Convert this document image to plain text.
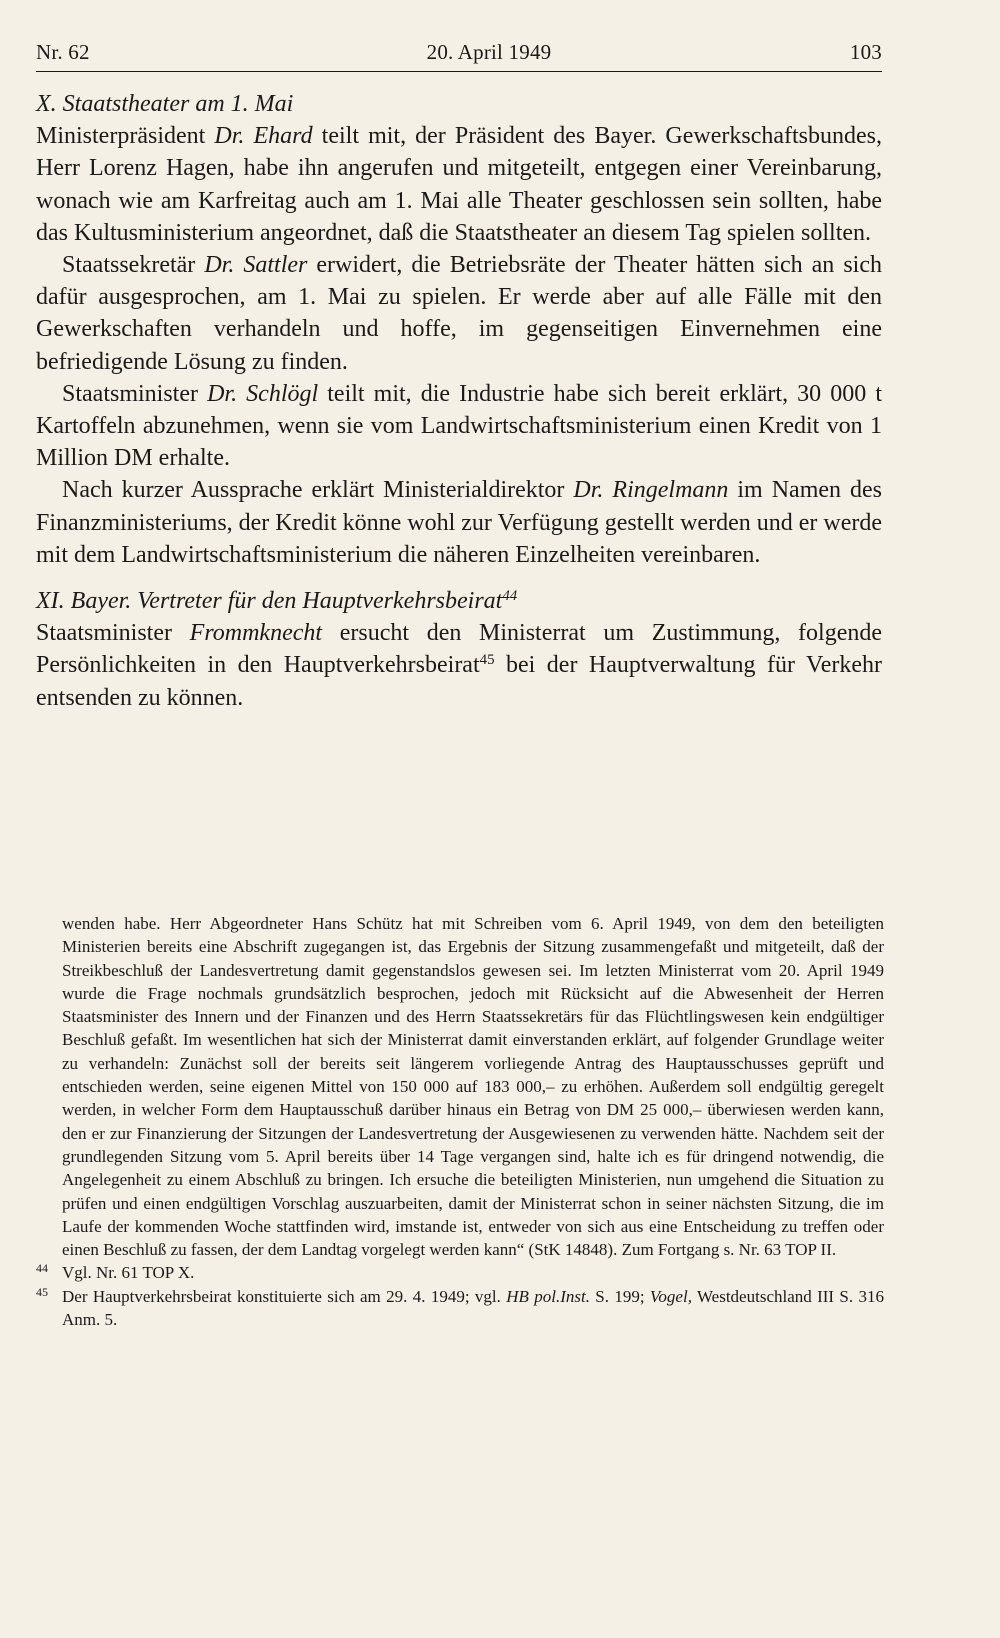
Nr. 62	20. April 1949	103
X. Staatstheater am 1. Mai

Ministerpräsident Dr. Ehard teilt mit, der Präsident des Bayer. Gewerkschaftsbundes, Herr Lorenz Hagen, habe ihn angerufen und mitgeteilt, entgegen einer Vereinbarung, wonach wie am Karfreitag auch am 1. Mai alle Theater geschlossen sein sollten, habe das Kultusministerium angeordnet, daß die Staatstheater an diesem Tag spielen sollten.

Staatssekretär Dr. Sattler erwidert, die Betriebsräte der Theater hätten sich an sich dafür ausgesprochen, am 1. Mai zu spielen. Er werde aber auf alle Fälle mit den Gewerkschaften verhandeln und hoffe, im gegenseitigen Einvernehmen eine befriedigende Lösung zu finden.

Staatsminister Dr. Schlögl teilt mit, die Industrie habe sich bereit erklärt, 30 000 t Kartoffeln abzunehmen, wenn sie vom Landwirtschaftsministerium einen Kredit von 1 Million DM erhalte.

Nach kurzer Aussprache erklärt Ministerialdirektor Dr. Ringelmann im Namen des Finanzministeriums, der Kredit könne wohl zur Verfügung gestellt werden und er werde mit dem Landwirtschaftsministerium die näheren Einzelheiten vereinbaren.

XI. Bayer. Vertreter für den Hauptverkehrsbeirat$^{44}$

Staatsminister Frommknecht ersucht den Ministerrat um Zustimmung, folgende Persönlichkeiten in den Hauptverkehrsbeirat$^{45}$ bei der Hauptverwaltung für Verkehr entsenden zu können.

wenden habe. Herr Abgeordneter Hans Schütz hat mit Schreiben vom 6. April 1949, von dem den beteiligten Ministerien bereits eine Abschrift zugegangen ist, das Ergebnis der Sitzung zusammengefaßt und mitgeteilt, daß der Streikbeschluß der Landesvertretung damit gegenstandslos gewesen sei. Im letzten Ministerrat vom 20. April 1949 wurde die Frage nochmals grundsätzlich besprochen, jedoch mit Rücksicht auf die Abwesenheit der Herren Staatsminister des Innern und der Finanzen und des Herrn Staatssekretärs für das Flüchtlingswesen kein endgültiger Beschluß gefaßt. Im wesentlichen hat sich der Ministerrat damit einverstanden erklärt, auf folgender Grundlage weiter zu verhandeln: Zunächst soll der bereits seit längerem vorliegende Antrag des Hauptausschusses geprüft und entschieden werden, seine eigenen Mittel von 150 000 auf 183 000,– zu erhöhen. Außerdem soll endgültig geregelt werden, in welcher Form dem Hauptausschuß darüber hinaus ein Betrag von DM 25 000,– überwiesen werden kann, den er zur Finanzierung der Sitzungen der Landesvertretung der Ausgewiesenen zu verwenden hätte. Nachdem seit der grundlegenden Sitzung vom 5. April bereits über 14 Tage vergangen sind, halte ich es für dringend notwendig, die Angelegenheit zu einem Abschluß zu bringen. Ich ersuche die beteiligten Ministerien, nun umgehend die Situation zu prüfen und einen endgültigen Vorschlag auszuarbeiten, damit der Ministerrat schon in seiner nächsten Sitzung, die im Laufe der kommenden Woche stattfinden wird, imstande ist, entweder von sich aus eine Entscheidung zu treffen oder einen Beschluß zu fassen, der dem Landtag vorgelegt werden kann“ (StK 14848). Zum Fortgang s. Nr. 63 TOP II.

44 Vgl. Nr. 61 TOP X.

45 Der Hauptverkehrsbeirat konstituierte sich am 29. 4. 1949; vgl. HB pol.Inst. S. 199; Vogel, Westdeutschland III S. 316 Anm. 5.
